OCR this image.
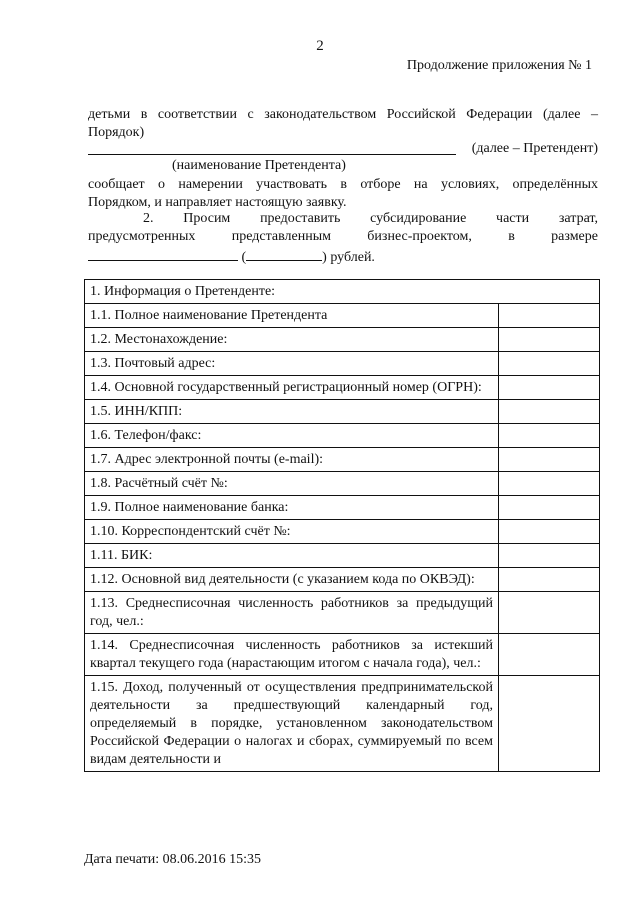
2
Продолжение приложения № 1
детьми в соответствии с законодательством Российской Федерации (далее –
Порядок)
(далее – Претендент)
(наименование Претендента)
сообщает о намерении участвовать в отборе на условиях, определённых
Порядком, и направляет настоящую заявку.
2. Просим предоставить субсидирование части затрат,
предусмотренных представленным бизнес-проектом, в размере
(	) рублей.
1. Информация о Претенденте:	
1.1. Полное наименование Претендента	
1.2. Местонахождение:	
1.3. Почтовый адрес:	
1.4. Основной государственный регистрационный номер (ОГРН):	
1.5. ИНН/КПП:	
1.6. Телефон/факс:	
1.7. Адрес электронной почты (e-mail):	
1.8. Расчётный счёт №:	
1.9. Полное наименование банка:	
1.10. Корреспондентский счёт №:	
1.11. БИК:	
1.12. Основной вид деятельности (с указанием кода по ОКВЭД):	
1.13. Среднесписочная численность работников за предыдущий год, чел.:	
1.14. Среднесписочная численность работников за истекший квартал текущего года (нарастающим итогом с начала года), чел.:	
1.15. Доход, полученный от осуществления предпринимательской деятельности за предшествующий календарный год, определяемый в порядке, установленном законодательством Российской Федерации о налогах и сборах, суммируемый по всем видам деятельности и	
Дата печати: 08.06.2016 15:35
